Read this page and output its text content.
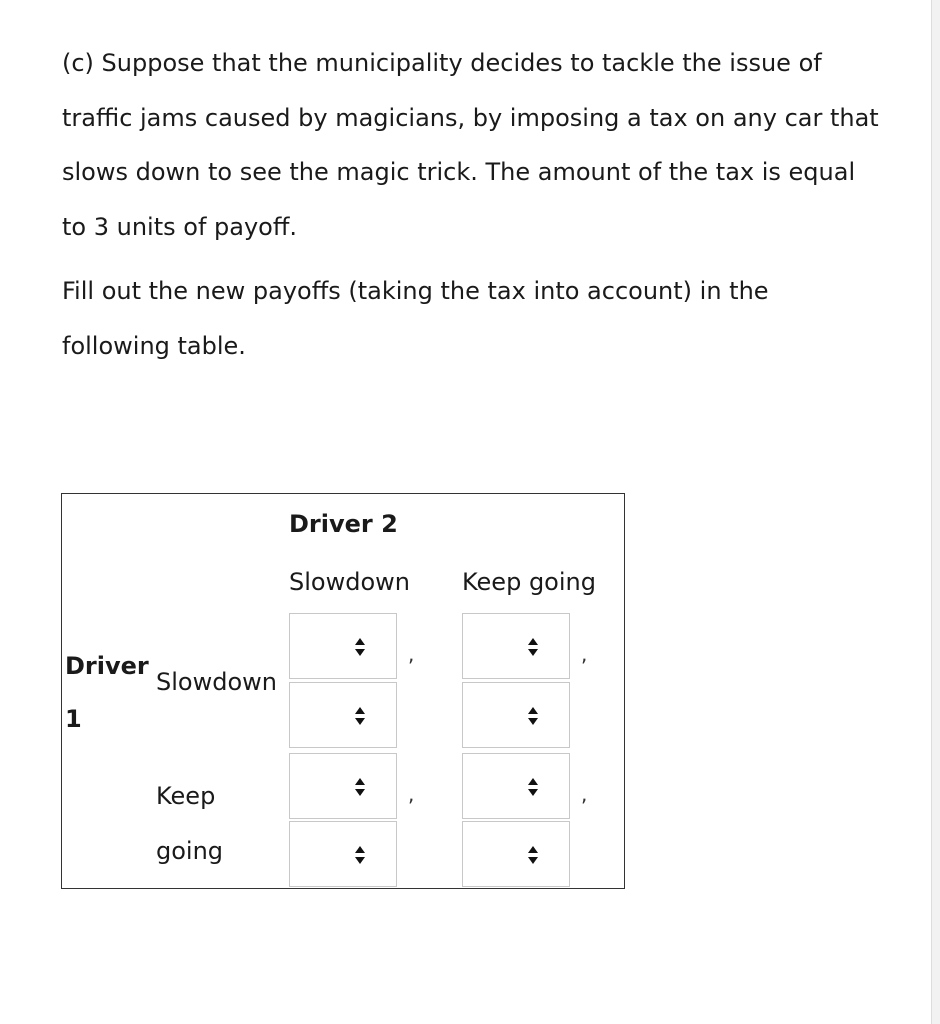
(c) Suppose that the municipality decides to tackle the issue of traffic jams caused by magicians, by imposing a tax on any car that slows down to see the magic trick. The amount of the tax is equal to 3 units of payoff.

Fill out the new payoffs (taking the tax into account) in the following table.

Driver 2
Slowdown Keep going
Driver 1
Slowdown
Keep going
,	,
,	,
